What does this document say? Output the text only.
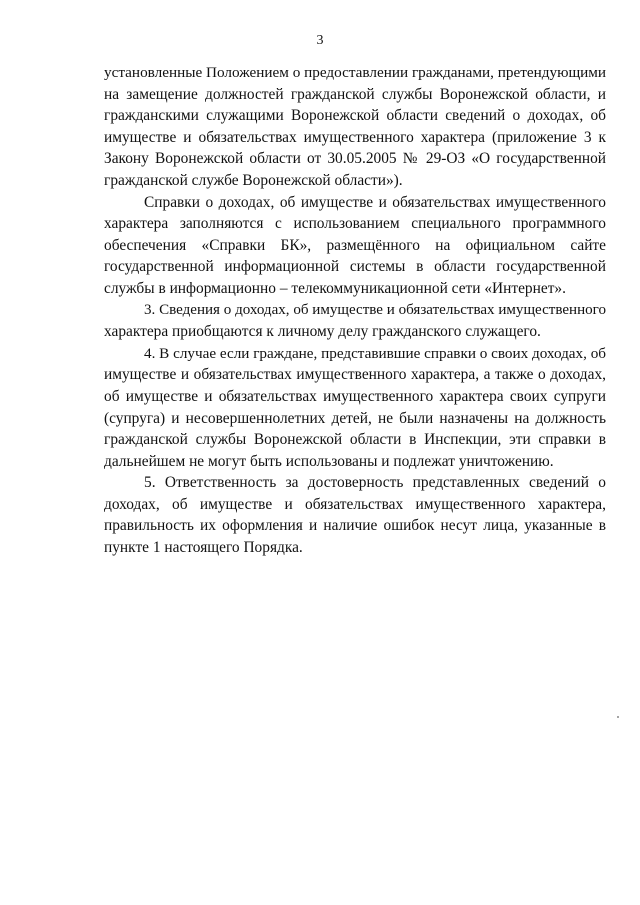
3

установленные Положением о предоставлении гражданами, претендующими
на замещение должностей гражданской службы Воронежской области, и
гражданскими служащими Воронежской области сведений о доходах, об
имуществе и обязательствах имущественного характера (приложение 3 к
Закону Воронежской области от 30.05.2005 № 29-ОЗ «О государственной
гражданской службе Воронежской области»).

Справки о доходах, об имуществе и обязательствах имущественного
характера заполняются с использованием специального программного
обеспечения «Справки БК», размещённого на официальном сайте
государственной информационной системы в области государственной
службы в информационно – телекоммуникационной сети «Интернет».

3. Сведения о доходах, об имуществе и обязательствах имущественного
характера приобщаются к личному делу гражданского служащего.

4. В случае если граждане, представившие справки о своих доходах, об
имуществе и обязательствах имущественного характера, а также о доходах,
об имуществе и обязательствах имущественного характера своих супруги
(супруга) и несовершеннолетних детей, не были назначены на должность
гражданской службы Воронежской области в Инспекции, эти справки в
дальнейшем не могут быть использованы и подлежат уничтожению.

5. Ответственность за достоверность представленных сведений о
доходах, об имуществе и обязательствах имущественного характера,
правильность их оформления и наличие ошибок несут лица, указанные в
пункте 1 настоящего Порядка.
